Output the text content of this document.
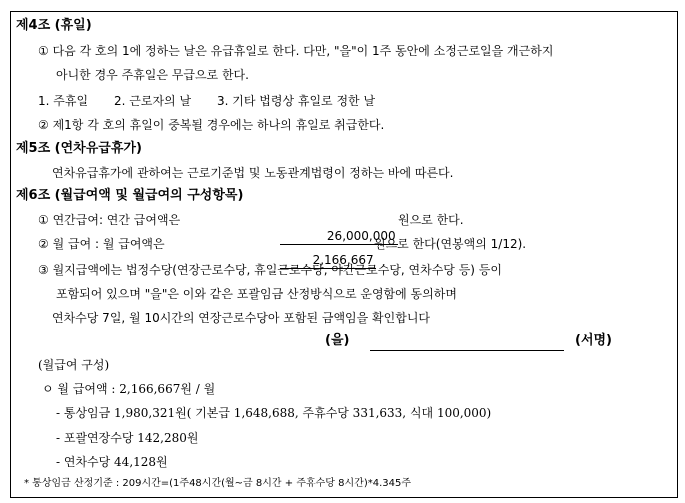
제4조 (휴일)
① 다음 각 호의 1에 정하는 날은 유급휴일로 한다. 다만, "을"이 1주 동안에 소정근로일을 개근하지
아니한 경우 주휴일은 무급으로 한다.
1. 주휴일 2. 근로자의 날 3. 기타 법령상 휴일로 정한 날
② 제1항 각 호의 휴일이 중복될 경우에는 하나의 휴일로 취급한다.
제5조 (연차유급휴가)
연차유급휴가에 관하여는 근로기준법 및 노동관계법령이 정하는 바에 따른다.
제6조 (월급여액 및 월급여의 구성항목)
① 연간급여: 연간 급여액은

26,000,000

원으로 한다.
② 월 급여 : 월 급여액은

2,166,667

원으로 한다(연봉액의 1/12).
③ 월지급액에는 법정수당(연장근로수당, 휴일근로수당, 야간근로수당, 연차수당 등) 등이
포함되어 있으며 "을"은 이와 같은 포괄임금 산정방식으로 운영함에 동의하며
연차수당 7일, 월 10시간의 연장근로수당아 포함된 금액임을 확인합니다
(을)	(서명)
(월급여 구성)
ㅇ 월 급여액 : 2,166,667원 / 월
- 통상임금 1,980,321원( 기본급 1,648,688, 주휴수당 331,633, 식대 100,000)
- 포괄연장수당 142,280원
- 연차수당 44,128원
* 통상임금 산정기준 : 209시간=(1주48시간(월~금 8시간 + 주휴수당 8시간)*4.345주
